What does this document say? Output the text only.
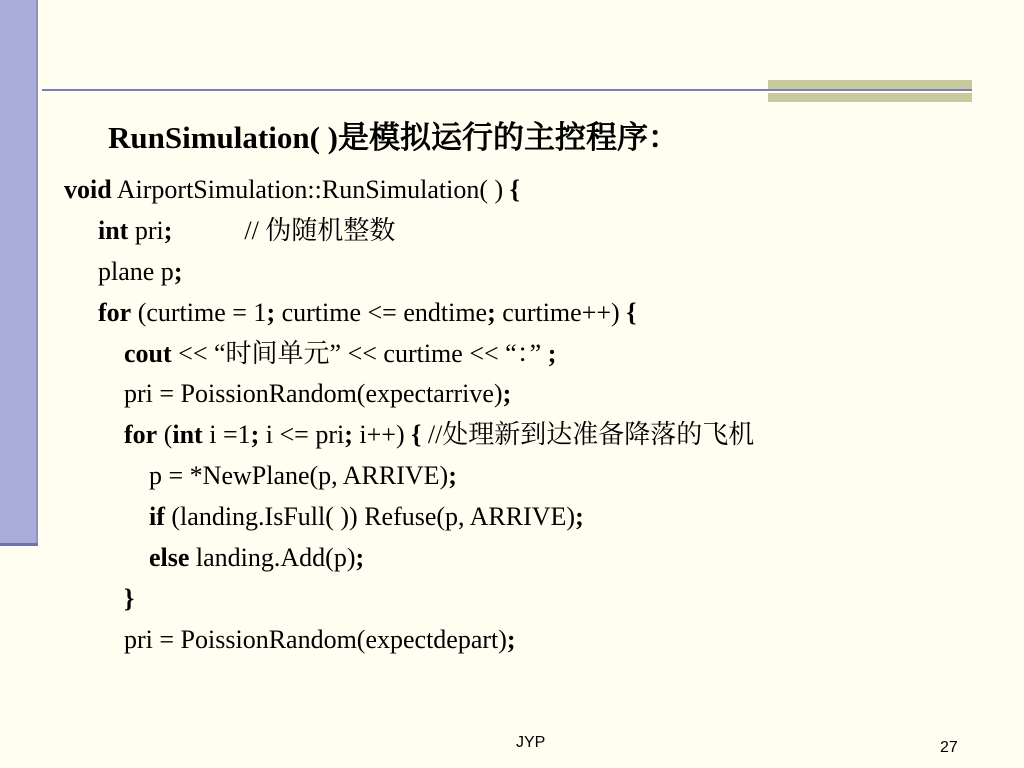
RunSimulation( )是模拟运行的主控程序：
void AirportSimulation::RunSimulation( ) {
int pri;	// 伪随机整数
plane p;
for (curtime = 1; curtime <= endtime; curtime++) {
cout << “时间单元” << curtime << “：” ;
pri = PoissionRandom(expectarrive);
for (int i =1; i <= pri; i++) { //处理新到达准备降落的飞机
p = *NewPlane(p, ARRIVE);
if (landing.IsFull( )) Refuse(p, ARRIVE);
else landing.Add(p);
}
pri = PoissionRandom(expectdepart);
JYP	27
